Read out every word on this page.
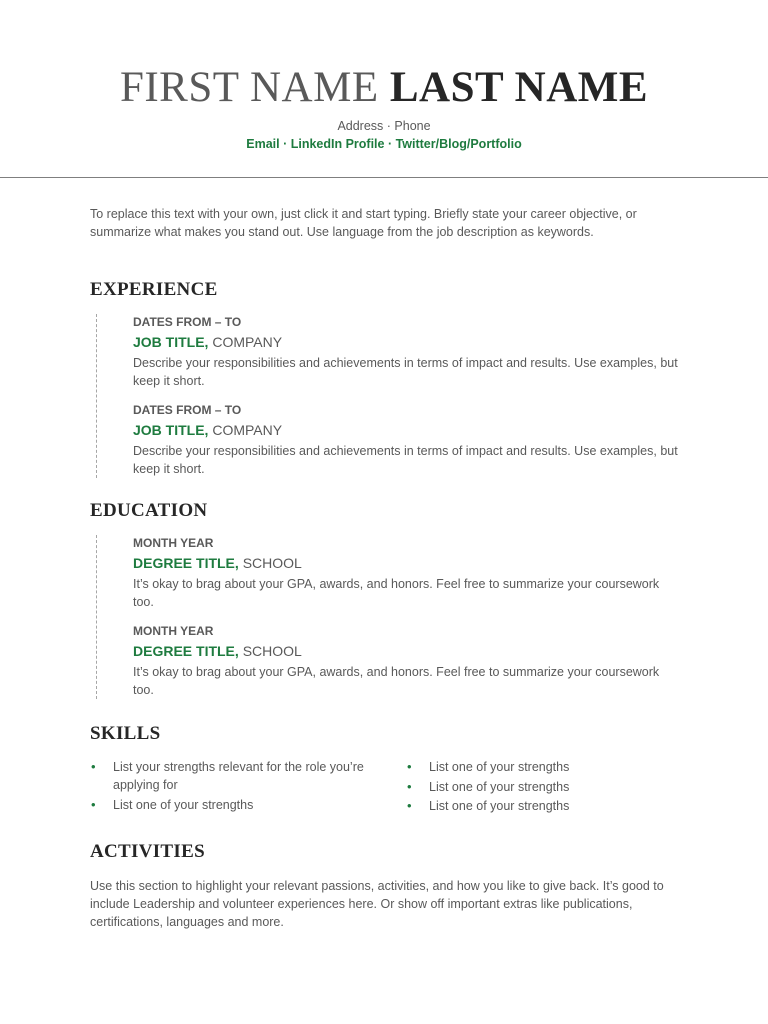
FIRST NAME LAST NAME
Address · Phone
Email · LinkedIn Profile · Twitter/Blog/Portfolio

To replace this text with your own, just click it and start typing. Briefly state your career objective, or summarize what makes you stand out. Use language from the job description as keywords.

EXPERIENCE
DATES FROM – TO
JOB TITLE, COMPANY
Describe your responsibilities and achievements in terms of impact and results. Use examples, but keep it short.
DATES FROM – TO
JOB TITLE, COMPANY
Describe your responsibilities and achievements in terms of impact and results. Use examples, but keep it short.
EDUCATION
MONTH YEAR
DEGREE TITLE, SCHOOL
It’s okay to brag about your GPA, awards, and honors. Feel free to summarize your coursework too.
MONTH YEAR
DEGREE TITLE, SCHOOL
It’s okay to brag about your GPA, awards, and honors. Feel free to summarize your coursework too.
SKILLS
• List your strengths relevant for the role you’re applying for
• List one of your strengths
• List one of your strengths
• List one of your strengths
• List one of your strengths
ACTIVITIES

Use this section to highlight your relevant passions, activities, and how you like to give back. It’s good to include Leadership and volunteer experiences here. Or show off important extras like publications, certifications, languages and more.
